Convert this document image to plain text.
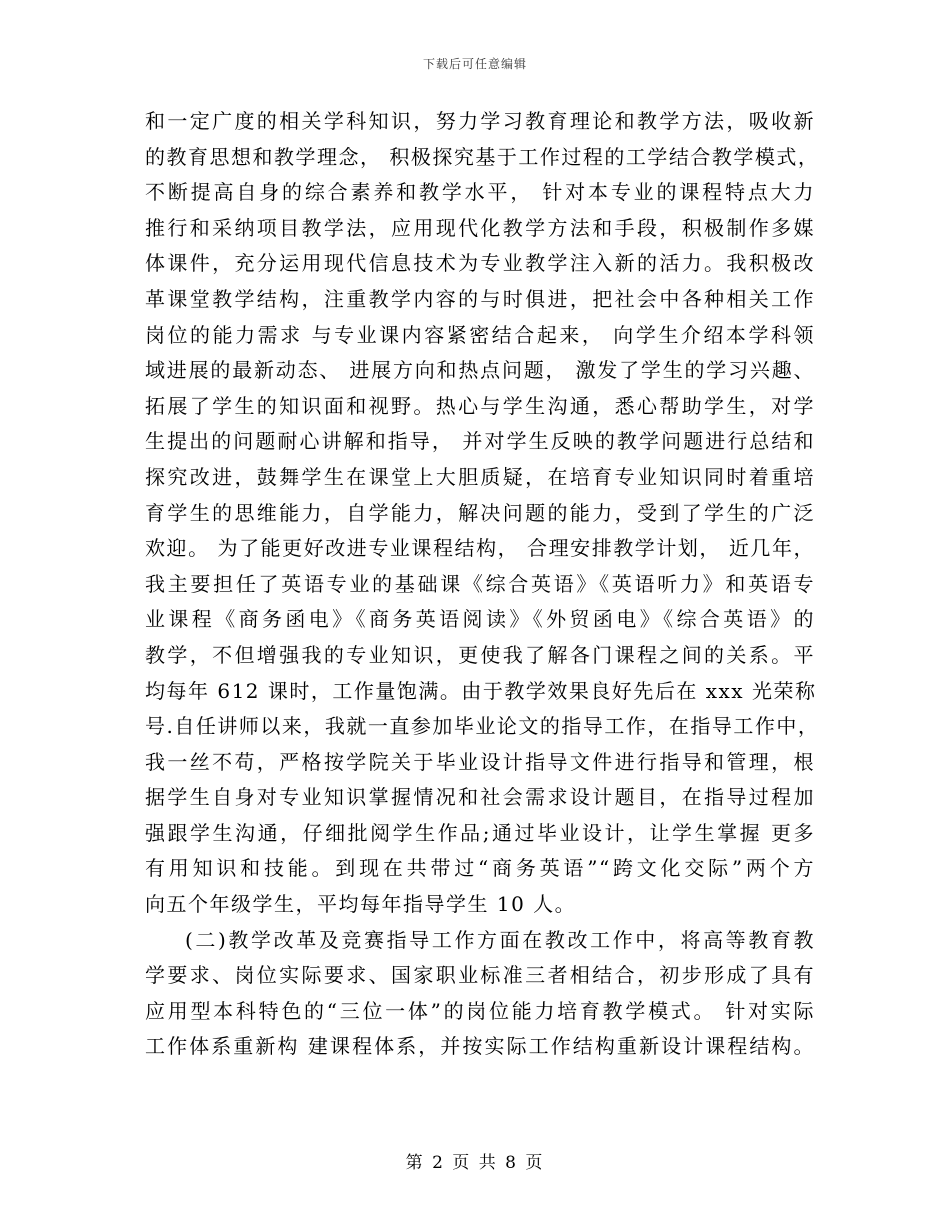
下载后可任意编辑
和一定广度的相关学科知识，努力学习教育理论和教学方法，吸收新
的教育思想和教学理念， 积极探究基于工作过程的工学结合教学模式，
不断提高自身的综合素养和教学水平， 针对本专业的课程特点大力
推行和采纳项目教学法，应用现代化教学方法和手段，积极制作多媒
体课件，充分运用现代信息技术为专业教学注入新的活力。我积极改
革课堂教学结构，注重教学内容的与时俱进，把社会中各种相关工作
岗位的能力需求 与专业课内容紧密结合起来， 向学生介绍本学科领
域进展的最新动态、 进展方向和热点问题， 激发了学生的学习兴趣、
拓展了学生的知识面和视野。热心与学生沟通，悉心帮助学生，对学
生提出的问题耐心讲解和指导， 并对学生反映的教学问题进行总结和
探究改进，鼓舞学生在课堂上大胆质疑，在培育专业知识同时着重培
育学生的思维能力，自学能力，解决问题的能力，受到了学生的广泛
欢迎。 为了能更好改进专业课程结构， 合理安排教学计划， 近几年，
我主要担任了英语专业的基础课《综合英语》《英语听力》和英语专
业课程《商务函电》《商务英语阅读》《外贸函电》《综合英语》的
教学，不但增强我的专业知识，更使我了解各门课程之间的关系。平
均每年 612 课时，工作量饱满。由于教学效果良好先后在 xxx 光荣称
号.自任讲师以来，我就一直参加毕业论文的指导工作，在指导工作中，
我一丝不苟，严格按学院关于毕业设计指导文件进行指导和管理，根
据学生自身对专业知识掌握情况和社会需求设计题目，在指导过程加
强跟学生沟通，仔细批阅学生作品;通过毕业设计，让学生掌握 更多
有用知识和技能。到现在共带过“商务英语”“跨文化交际”两个方
向五个年级学生，平均每年指导学生 10 人。
(二)教学改革及竞赛指导工作方面在教改工作中，将高等教育教
学要求、岗位实际要求、国家职业标准三者相结合，初步形成了具有
应用型本科特色的“三位一体”的岗位能力培育教学模式。 针对实际
工作体系重新构 建课程体系，并按实际工作结构重新设计课程结构。
第 2 页 共 8 页
